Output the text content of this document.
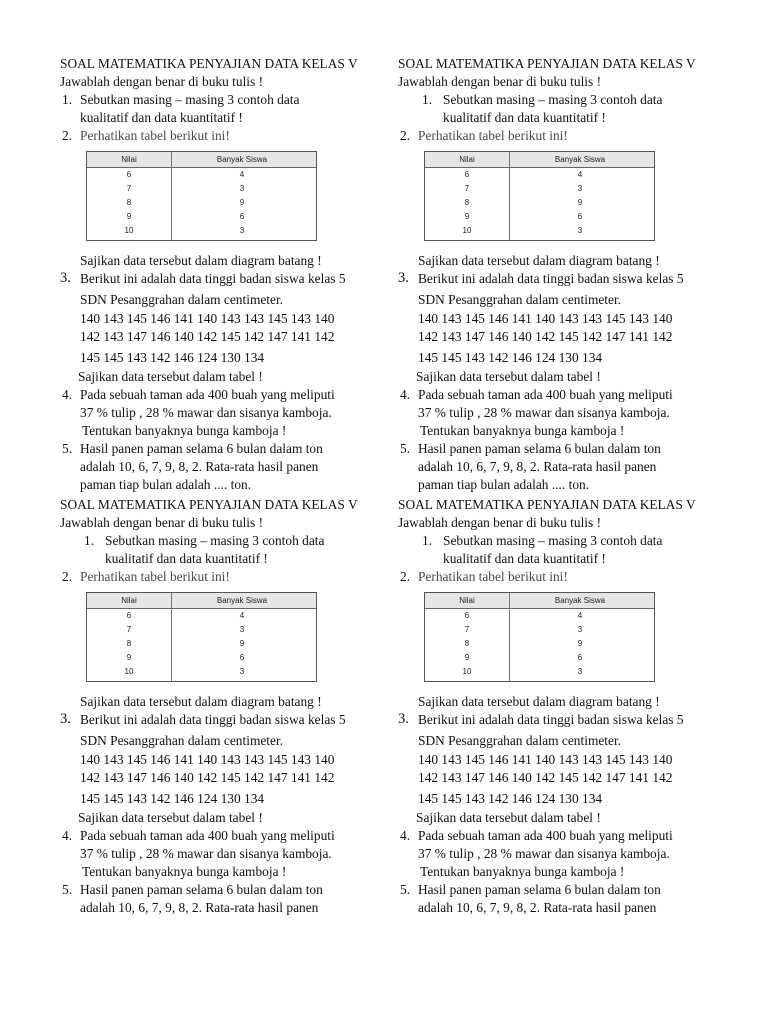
SOAL MATEMATIKA PENYAJIAN DATA KELAS V
Jawablah dengan benar di buku tulis !
1. Sebutkan masing – masing 3 contoh data
kualitatif dan data kuantitatif !
2. Perhatikan tabel berikut ini!
Nilai	Banyak Siswa
6	4
7	3
8	9
9	6
10	3
Sajikan data tersebut dalam diagram batang !
3. Berikut ini adalah data tinggi badan siswa kelas 5
SDN Pesanggrahan dalam centimeter.
140 143 145 146 141 140 143 143 145 143 140
142 143 147 146 140 142 145 142 147 141 142
145 145 143 142 146 124 130 134
Sajikan data tersebut dalam tabel !
4. Pada sebuah taman ada 400 buah yang meliputi
37 % tulip , 28 % mawar dan sisanya kamboja.
Tentukan banyaknya bunga kamboja !
5. Hasil panen paman selama 6 bulan dalam ton
adalah 10, 6, 7, 9, 8, 2. Rata-rata hasil panen
paman tiap bulan adalah .... ton.
SOAL MATEMATIKA PENYAJIAN DATA KELAS V
Jawablah dengan benar di buku tulis !
1. Sebutkan masing – masing 3 contoh data
kualitatif dan data kuantitatif !
2. Perhatikan tabel berikut ini!
Nilai	Banyak Siswa
6	4
7	3
8	9
9	6
10	3
Sajikan data tersebut dalam diagram batang !
3. Berikut ini adalah data tinggi badan siswa kelas 5
SDN Pesanggrahan dalam centimeter.
140 143 145 146 141 140 143 143 145 143 140
142 143 147 146 140 142 145 142 147 141 142
145 145 143 142 146 124 130 134
Sajikan data tersebut dalam tabel !
4. Pada sebuah taman ada 400 buah yang meliputi
37 % tulip , 28 % mawar dan sisanya kamboja.
Tentukan banyaknya bunga kamboja !
5. Hasil panen paman selama 6 bulan dalam ton
adalah 10, 6, 7, 9, 8, 2. Rata-rata hasil panen
paman tiap bulan adalah .... ton.
SOAL MATEMATIKA PENYAJIAN DATA KELAS V
Jawablah dengan benar di buku tulis !
1. Sebutkan masing – masing 3 contoh data
kualitatif dan data kuantitatif !
2. Perhatikan tabel berikut ini!
Nilai	Banyak Siswa
6	4
7	3
8	9
9	6
10	3
Sajikan data tersebut dalam diagram batang !
3. Berikut ini adalah data tinggi badan siswa kelas 5
SDN Pesanggrahan dalam centimeter.
140 143 145 146 141 140 143 143 145 143 140
142 143 147 146 140 142 145 142 147 141 142
145 145 143 142 146 124 130 134
Sajikan data tersebut dalam tabel !
4. Pada sebuah taman ada 400 buah yang meliputi
37 % tulip , 28 % mawar dan sisanya kamboja.
Tentukan banyaknya bunga kamboja !
5. Hasil panen paman selama 6 bulan dalam ton
adalah 10, 6, 7, 9, 8, 2. Rata-rata hasil panen
SOAL MATEMATIKA PENYAJIAN DATA KELAS V
Jawablah dengan benar di buku tulis !
1. Sebutkan masing – masing 3 contoh data
kualitatif dan data kuantitatif !
2. Perhatikan tabel berikut ini!
Nilai	Banyak Siswa
6	4
7	3
8	9
9	6
10	3
Sajikan data tersebut dalam diagram batang !
3. Berikut ini adalah data tinggi badan siswa kelas 5
SDN Pesanggrahan dalam centimeter.
140 143 145 146 141 140 143 143 145 143 140
142 143 147 146 140 142 145 142 147 141 142
145 145 143 142 146 124 130 134
Sajikan data tersebut dalam tabel !
4. Pada sebuah taman ada 400 buah yang meliputi
37 % tulip , 28 % mawar dan sisanya kamboja.
Tentukan banyaknya bunga kamboja !
5. Hasil panen paman selama 6 bulan dalam ton
adalah 10, 6, 7, 9, 8, 2. Rata-rata hasil panen
